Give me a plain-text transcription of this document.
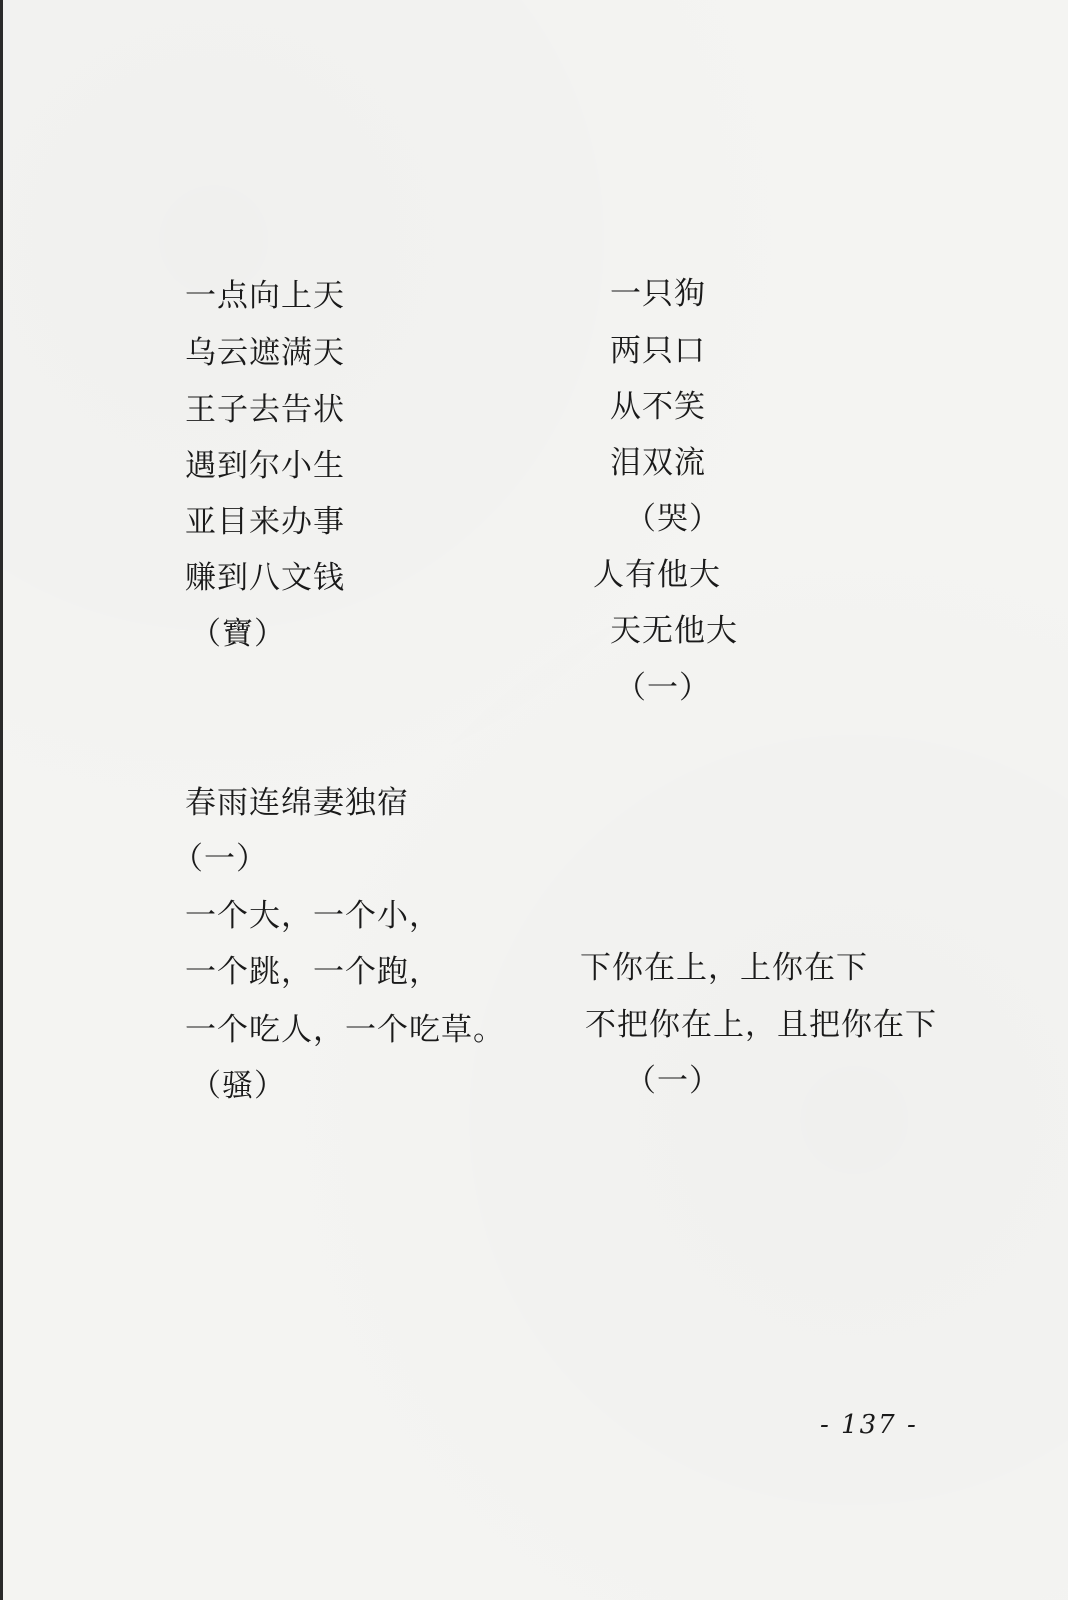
一点向上天
乌云遮满天
王子去告状
遇到尔小生
亚目来办事
赚到八文钱
（寶）
一只狗
两只口
从不笑
泪双流
（哭）
人有他大
天无他大
（一）
春雨连绵妻独宿
（一）
一个大，一个小，
一个跳，一个跑，
一个吃人，一个吃草。
（骚）
下你在上，上你在下
不把你在上，且把你在下
（一）
- 137 -
